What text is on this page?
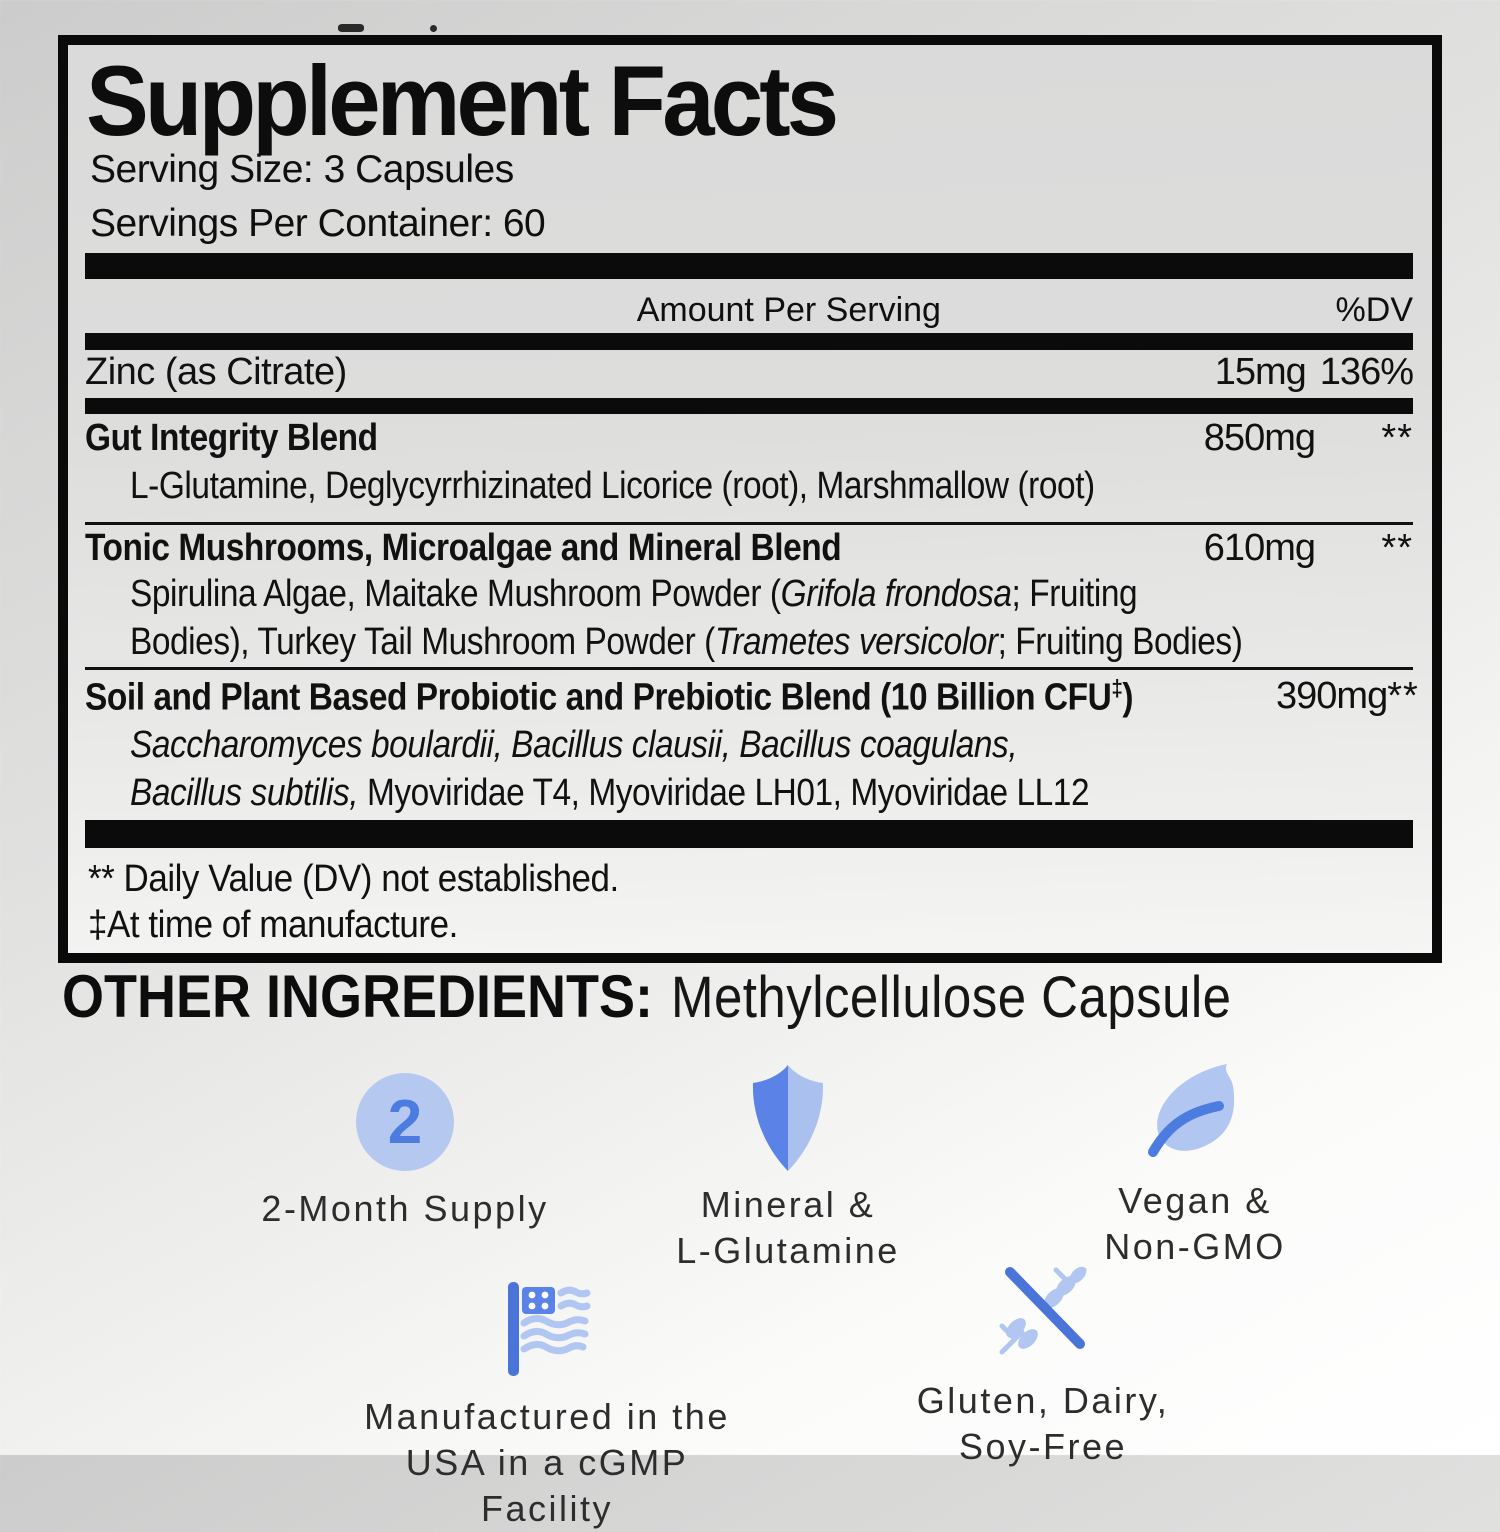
Supplement Facts
Serving Size: 3 Capsules
Servings Per Container: 60
Amount Per Serving	%DV
Zinc (as Citrate)	15mg 136%
Gut Integrity Blend	850mg	**
L-Glutamine, Deglycyrrhizinated Licorice (root), Marshmallow (root)
Tonic Mushrooms, Microalgae and Mineral Blend	610mg	**
Spirulina Algae, Maitake Mushroom Powder (Grifola frondosa; Fruiting
Bodies), Turkey Tail Mushroom Powder (Trametes versicolor; Fruiting Bodies)
Soil and Plant Based Probiotic and Prebiotic Blend (10 Billion CFU‡)	390mg **
Saccharomyces boulardii, Bacillus clausii, Bacillus coagulans,
Bacillus subtilis, Myoviridae T4, Myoviridae LH01, Myoviridae LL12
** Daily Value (DV) not established.
‡At time of manufacture.
OTHER INGREDIENTS: Methylcellulose Capsule
2
2-Month Supply	Mineral &
L-Glutamine
Vegan &
Non-GMO
Manufactured in the
USA in a cGMP Facility
Gluten, Dairy,
Soy-Free
